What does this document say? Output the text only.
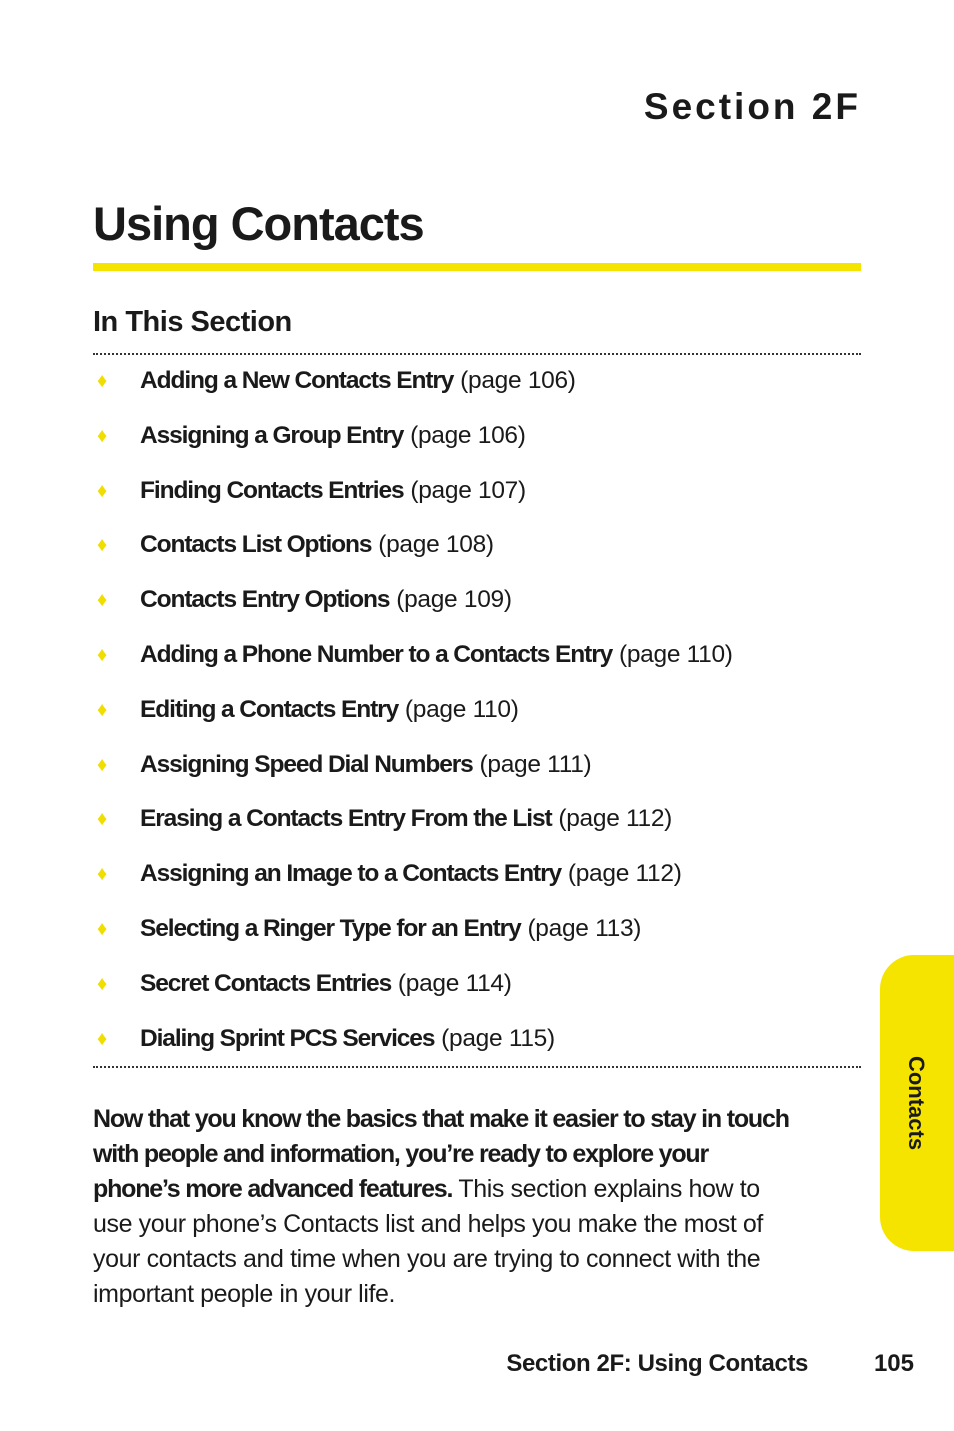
Section 2F
Using Contacts
In This Section
♦ Adding a New Contacts Entry (page 106)
♦ Assigning a Group Entry (page 106)
♦ Finding Contacts Entries (page 107)
♦ Contacts List Options (page 108)
♦ Contacts Entry Options (page 109)
♦ Adding a Phone Number to a Contacts Entry (page 110)
♦ Editing a Contacts Entry (page 110)
♦ Assigning Speed Dial Numbers (page 111)
♦ Erasing a Contacts Entry From the List (page 112)
♦ Assigning an Image to a Contacts Entry (page 112)
♦ Selecting a Ringer Type for an Entry (page 113)
♦ Secret Contacts Entries (page 114)
♦ Dialing Sprint PCS Services (page 115)

Now that you know the basics that make it easier to stay in touch with people and information, you’re ready to explore your phone’s more advanced features. This section explains how to use your phone’s Contacts list and helps you make the most of your contacts and time when you are trying to connect with the important people in your life.

Contacts
Section 2F: Using Contacts	105
